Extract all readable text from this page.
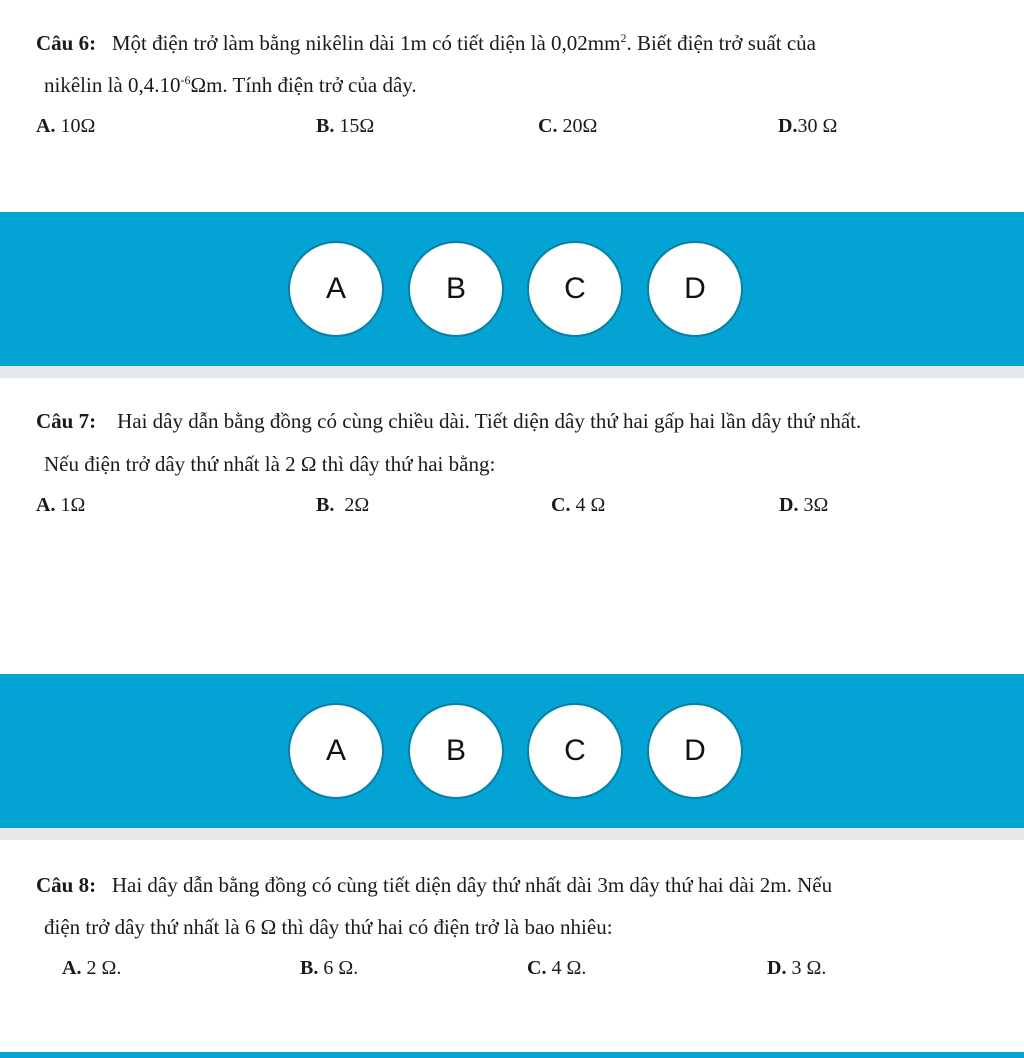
Câu 6: Một điện trở làm bằng nikêlin dài 1m có tiết diện là $0,02mm^2$. Biết điện trở suất của
nikêlin là $0,4.10^{-6}\Omega m$. Tính điện trở của dây.
A. 10Ω	B. 15Ω	C. 20Ω	D.30 Ω
A	B	C	D
Câu 7: Hai dây dẫn bằng đồng có cùng chiều dài. Tiết diện dây thứ hai gấp hai lần dây thứ nhất.
Nếu điện trở dây thứ nhất là 2 Ω thì dây thứ hai bằng:
A. 1Ω	B. 2Ω	C. 4 Ω	D. 3Ω
A	B	C	D
Câu 8: Hai dây dẫn bằng đồng có cùng tiết diện dây thứ nhất dài 3m dây thứ hai dài 2m. Nếu
điện trở dây thứ nhất là 6 Ω thì dây thứ hai có điện trở là bao nhiêu:
A. 2 Ω.	B. 6 Ω.	C. 4 Ω.	D. 3 Ω.
